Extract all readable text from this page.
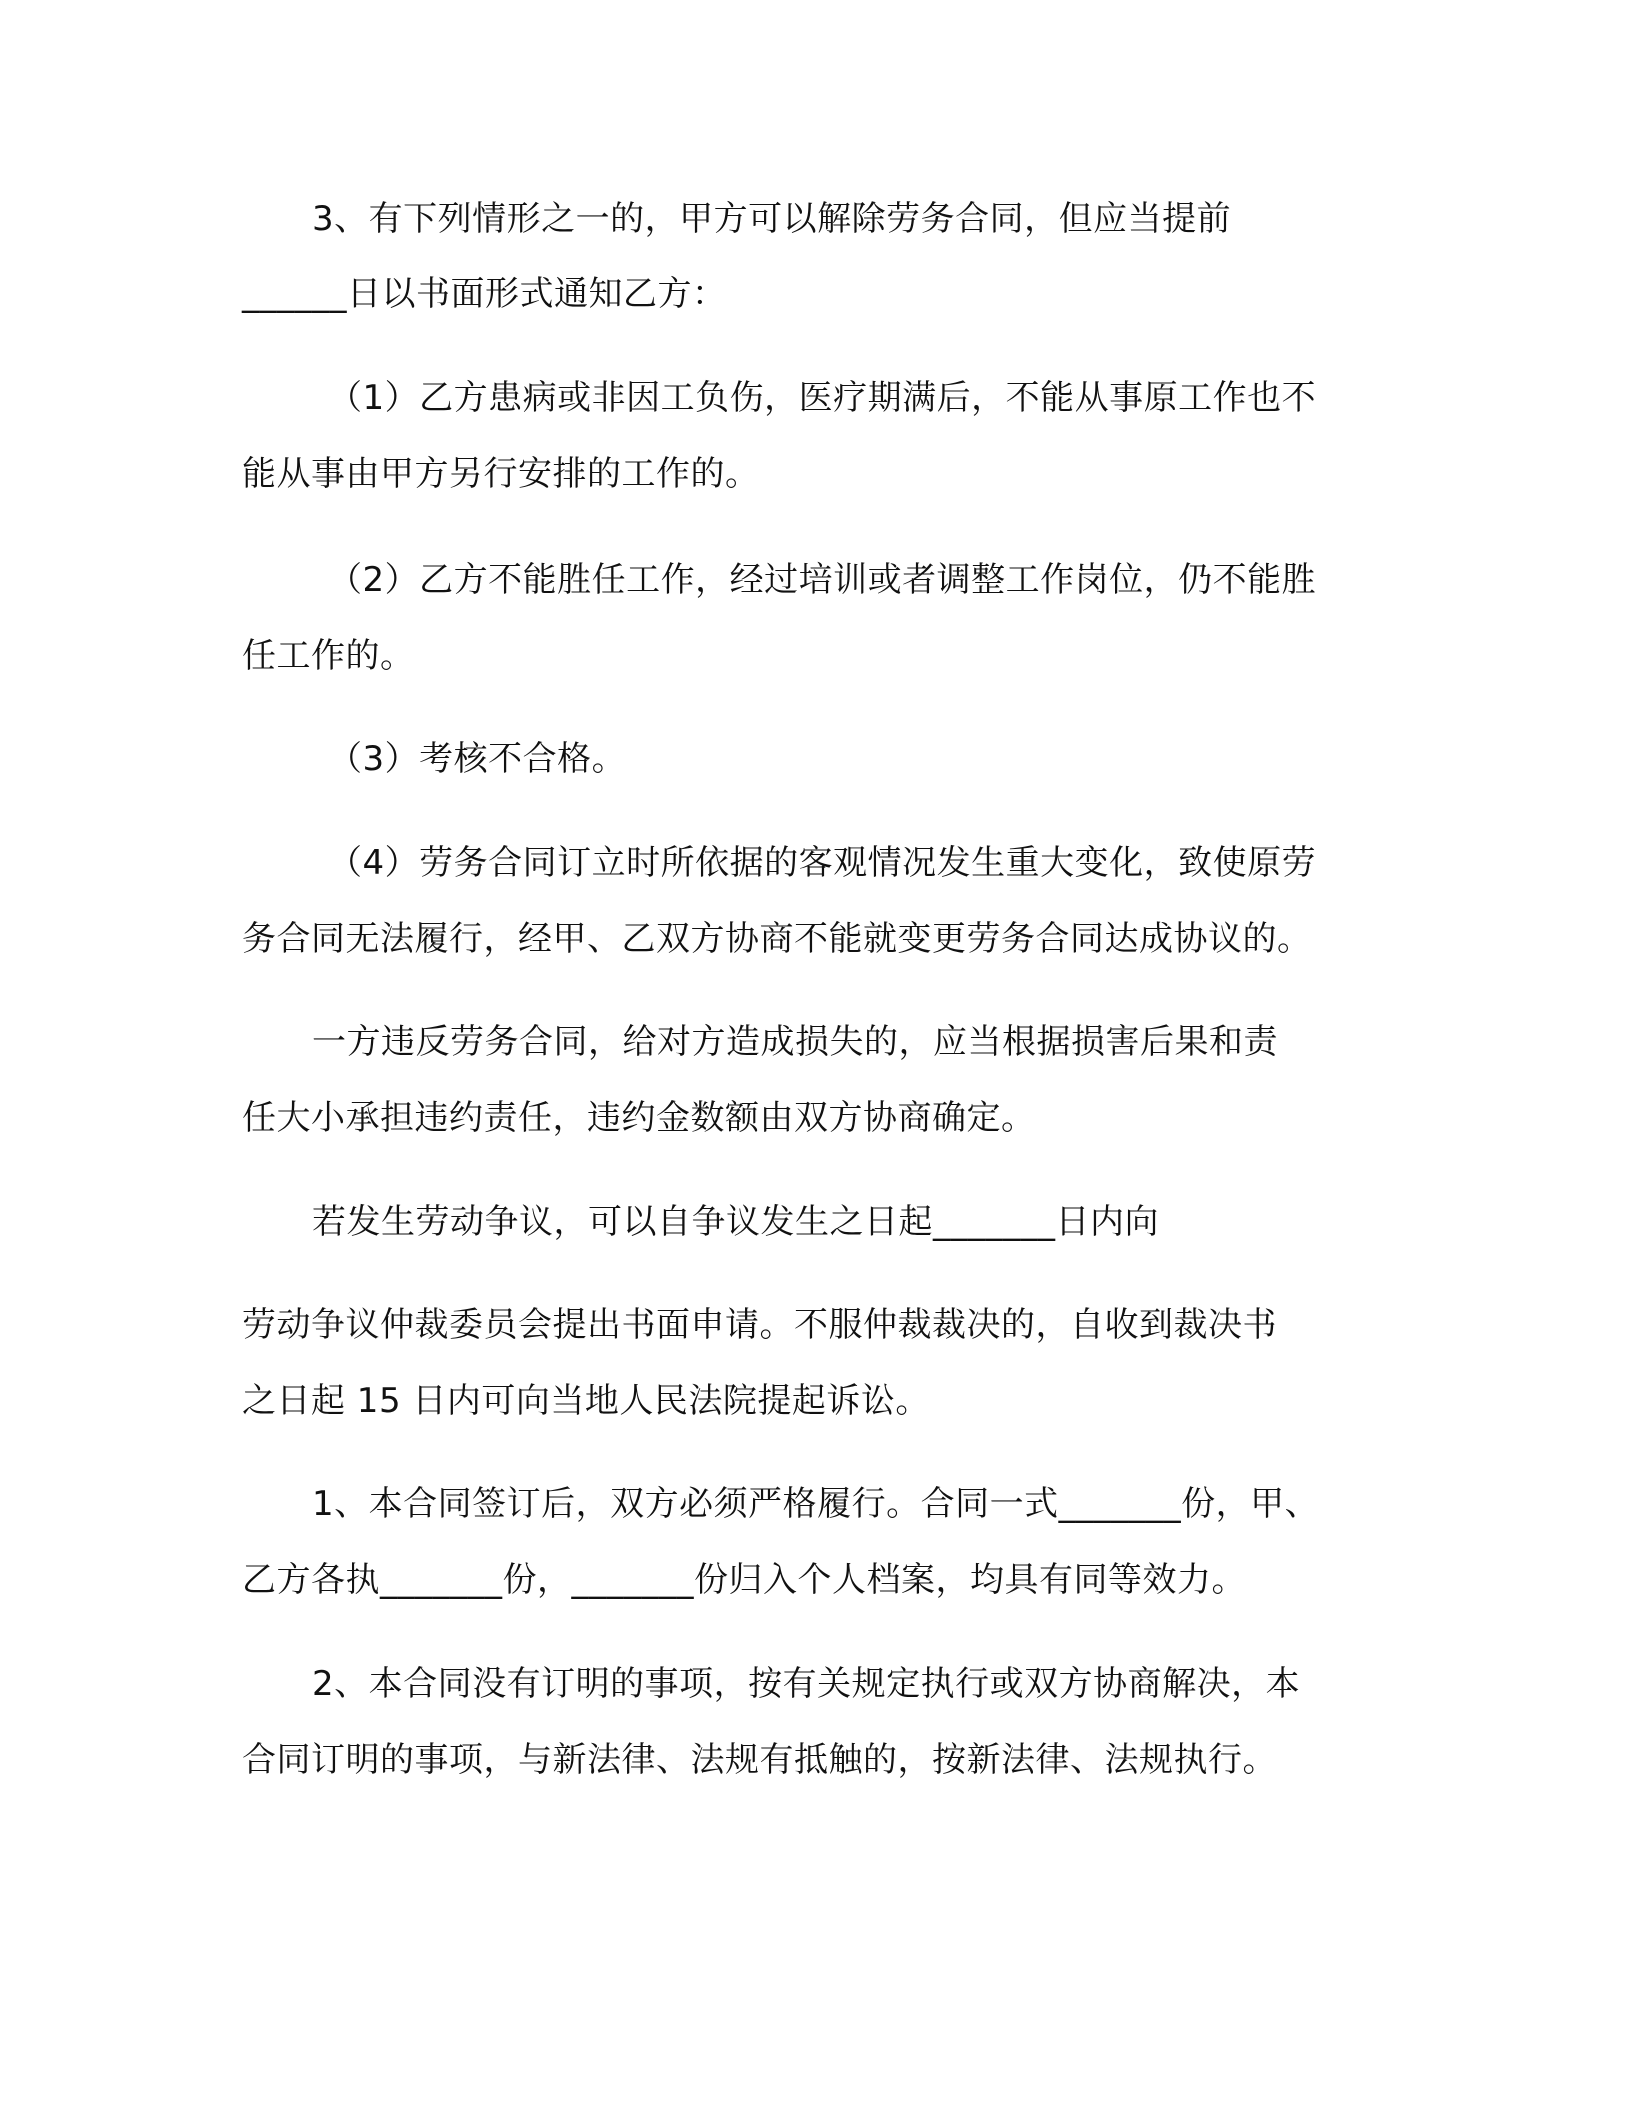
3、有下列情形之一的，甲方可以解除劳务合同，但应当提前
______日以书面形式通知乙方：
（1）乙方患病或非因工负伤，医疗期满后，不能从事原工作也不
能从事由甲方另行安排的工作的。
（2）乙方不能胜任工作，经过培训或者调整工作岗位，仍不能胜
任工作的。
（3）考核不合格。
（4）劳务合同订立时所依据的客观情况发生重大变化，致使原劳
务合同无法履行，经甲、乙双方协商不能就变更劳务合同达成协议的。
一方违反劳务合同，给对方造成损失的，应当根据损害后果和责
任大小承担违约责任，违约金数额由双方协商确定。
若发生劳动争议，可以自争议发生之日起_______日内向
劳动争议仲裁委员会提出书面申请。不服仲裁裁决的，自收到裁决书
之日起 15 日内可向当地人民法院提起诉讼。
1、本合同签订后，双方必须严格履行。合同一式_______份，甲、
乙方各执_______份，_______份归入个人档案，均具有同等效力。
2、本合同没有订明的事项，按有关规定执行或双方协商解决，本
合同订明的事项，与新法律、法规有抵触的，按新法律、法规执行。
